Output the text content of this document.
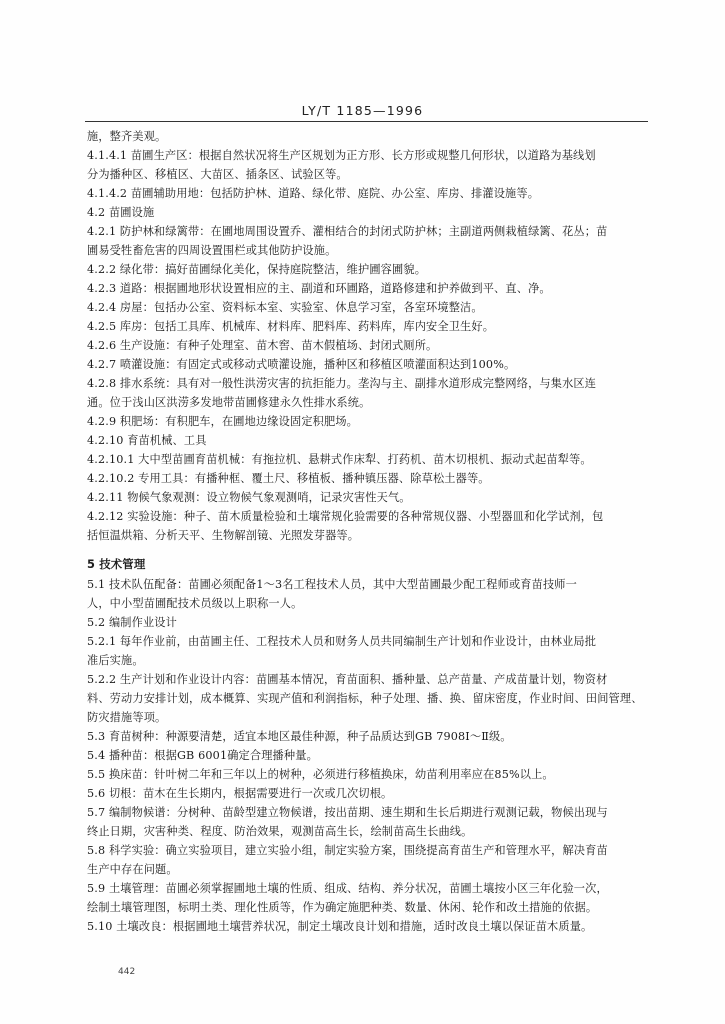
LY/T 1185—1996
施，整齐美观。
4.1.4.1 苗圃生产区：根据自然状况将生产区规划为正方形、长方形或规整几何形状，以道路为基线划
分为播种区、移植区、大苗区、插条区、试验区等。
4.1.4.2 苗圃辅助用地：包括防护林、道路、绿化带、庭院、办公室、库房、排灌设施等。
4.2 苗圃设施
4.2.1 防护林和绿篱带：在圃地周围设置乔、灌相结合的封闭式防护林；主副道两侧栽植绿篱、花丛；苗
圃易受牲畜危害的四周设置围栏或其他防护设施。
4.2.2 绿化带：搞好苗圃绿化美化，保持庭院整洁，维护圃容圃貌。
4.2.3 道路：根据圃地形状设置相应的主、副道和环圃路，道路修建和护养做到平、直、净。
4.2.4 房屋：包括办公室、资料标本室、实验室、休息学习室，各室环境整洁。
4.2.5 库房：包括工具库、机械库、材料库、肥料库、药料库，库内安全卫生好。
4.2.6 生产设施：有种子处理室、苗木窖、苗木假植场、封闭式厕所。
4.2.7 喷灌设施：有固定式或移动式喷灌设施，播种区和移植区喷灌面积达到100%。
4.2.8 排水系统：具有对一般性洪涝灾害的抗拒能力。垄沟与主、副排水道形成完整网络，与集水区连
通。位于浅山区洪涝多发地带苗圃修建永久性排水系统。
4.2.9 积肥场：有积肥车，在圃地边缘设固定积肥场。
4.2.10 育苗机械、工具
4.2.10.1 大中型苗圃育苗机械：有拖拉机、悬耕式作床犁、打药机、苗木切根机、振动式起苗犁等。
4.2.10.2 专用工具：有播种框、覆土尺、移植板、播种镇压器、除草松土器等。
4.2.11 物候气象观测：设立物候气象观测哨，记录灾害性天气。
4.2.12 实验设施：种子、苗木质量检验和土壤常规化验需要的各种常规仪器、小型器皿和化学试剂，包
括恒温烘箱、分析天平、生物解剖镜、光照发芽器等。
5 技术管理
5.1 技术队伍配备：苗圃必须配备1～3名工程技术人员，其中大型苗圃最少配工程师或育苗技师一
人，中小型苗圃配技术员级以上职称一人。
5.2 编制作业设计
5.2.1 每年作业前，由苗圃主任、工程技术人员和财务人员共同编制生产计划和作业设计，由林业局批
准后实施。
5.2.2 生产计划和作业设计内容：苗圃基本情况，育苗面积、播种量、总产苗量、产成苗量计划，物资材
料、劳动力安排计划，成本概算、实现产值和利润指标，种子处理、播、换、留床密度，作业时间、田间管理、
防灾措施等项。
5.3 育苗树种：种源要清楚，适宜本地区最佳种源，种子品质达到GB 7908Ⅰ～Ⅱ级。
5.4 播种苗：根据GB 6001确定合理播种量。
5.5 换床苗：针叶树二年和三年以上的树种，必须进行移植换床，幼苗利用率应在85%以上。
5.6 切根：苗木在生长期内，根据需要进行一次或几次切根。
5.7 编制物候谱：分树种、苗龄型建立物候谱，按出苗期、速生期和生长后期进行观测记载，物候出现与
终止日期，灾害种类、程度、防治效果，观测苗高生长，绘制苗高生长曲线。
5.8 科学实验：确立实验项目，建立实验小组，制定实验方案，围绕提高育苗生产和管理水平，解决育苗
生产中存在问题。
5.9 土壤管理：苗圃必须掌握圃地土壤的性质、组成、结构、养分状况，苗圃土壤按小区三年化验一次，
绘制土壤管理图，标明土类、理化性质等，作为确定施肥种类、数量、休闲、轮作和改土措施的依据。
5.10 土壤改良：根据圃地土壤营养状况，制定土壤改良计划和措施，适时改良土壤以保证苗木质量。
442
